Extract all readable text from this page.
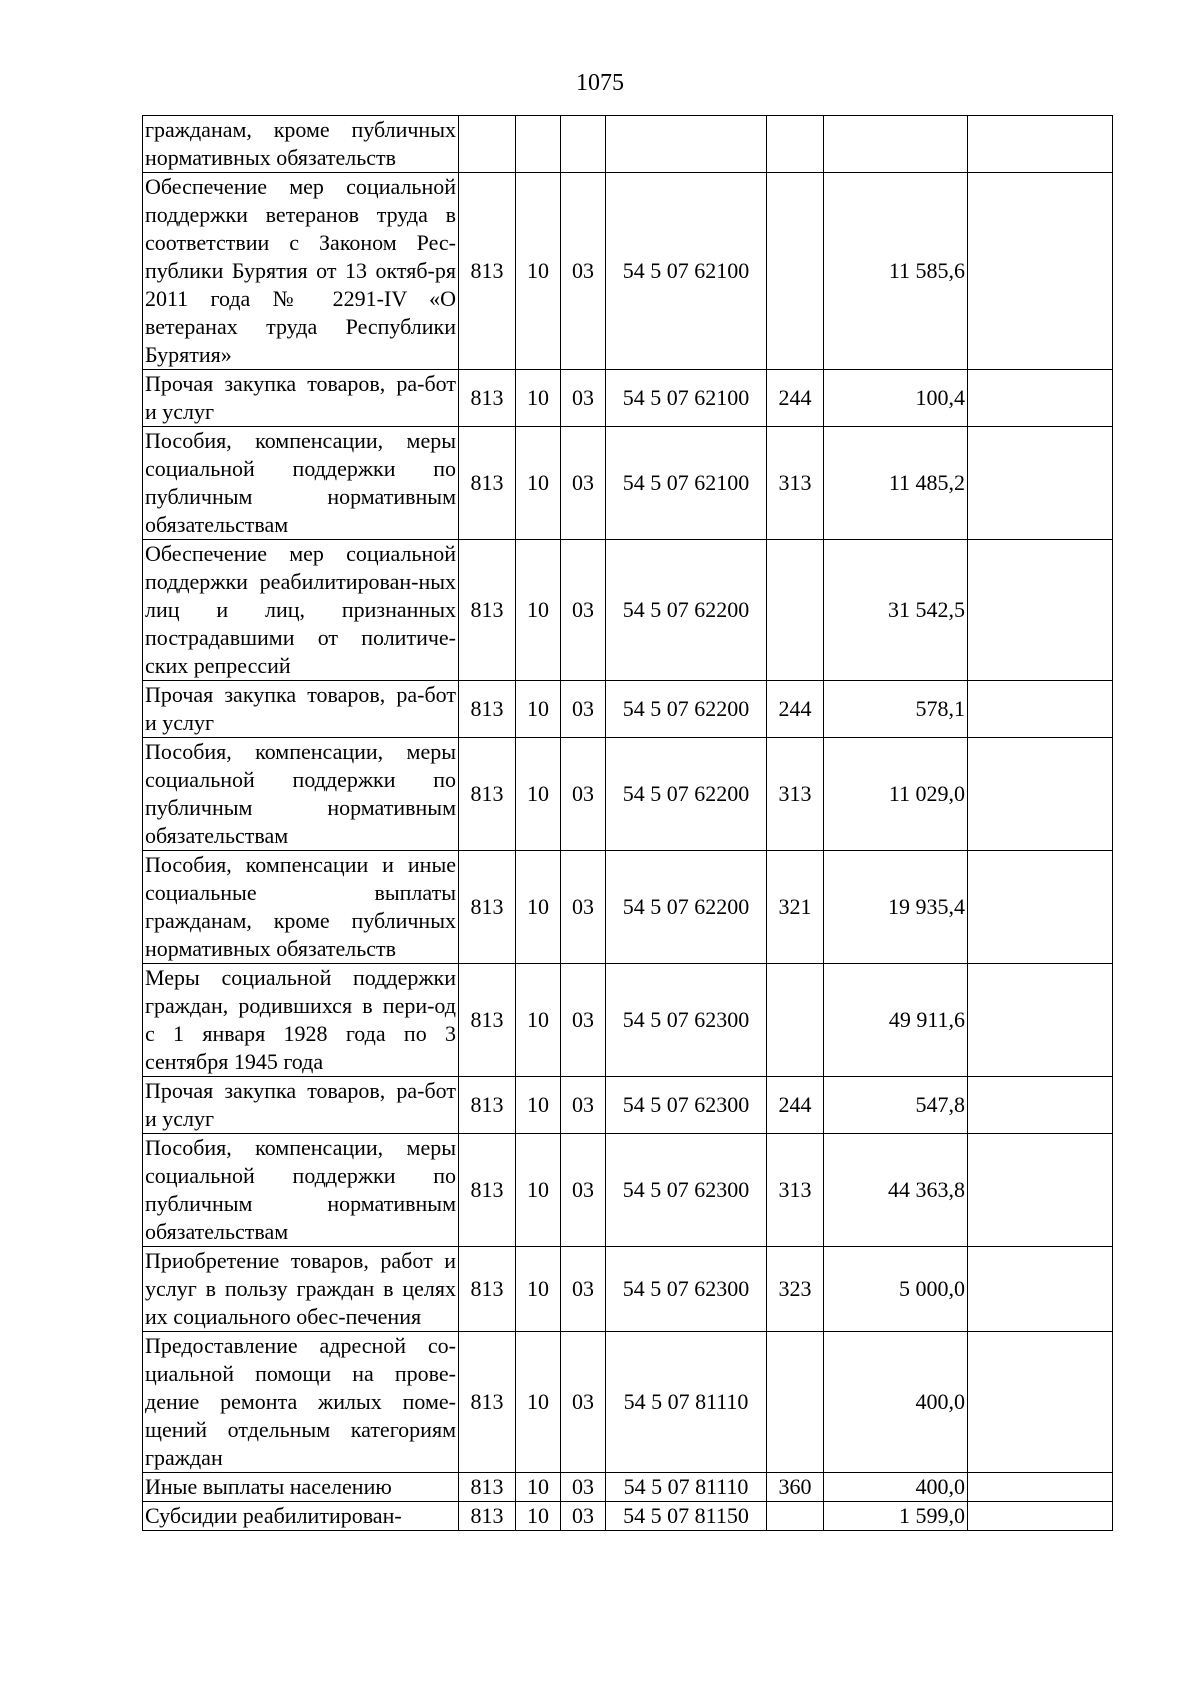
1075
гражданам, кроме публичных нормативных обязательств							
Обеспечение мер социальной поддержки ветеранов труда в соответствии с Законом Рес-публики Бурятия от 13 октяб-ря 2011 года № 2291-IV «О ветеранах труда Республики Бурятия»	813	10	03	54 5 07 62100		11 585,6	
Прочая закупка товаров, ра-бот и услуг	813	10	03	54 5 07 62100	244	100,4	
Пособия, компенсации, меры социальной поддержки по публичным нормативным обязательствам	813	10	03	54 5 07 62100	313	11 485,2	
Обеспечение мер социальной поддержки реабилитирован-ных лиц и лиц, признанных пострадавшими от политиче-ских репрессий	813	10	03	54 5 07 62200		31 542,5	
Прочая закупка товаров, ра-бот и услуг	813	10	03	54 5 07 62200	244	578,1	
Пособия, компенсации, меры социальной поддержки по публичным нормативным обязательствам	813	10	03	54 5 07 62200	313	11 029,0	
Пособия, компенсации и иные социальные выплаты гражданам, кроме публичных нормативных обязательств	813	10	03	54 5 07 62200	321	19 935,4	
Меры социальной поддержки граждан, родившихся в пери-од с 1 января 1928 года по 3 сентября 1945 года	813	10	03	54 5 07 62300		49 911,6	
Прочая закупка товаров, ра-бот и услуг	813	10	03	54 5 07 62300	244	547,8	
Пособия, компенсации, меры социальной поддержки по публичным нормативным обязательствам	813	10	03	54 5 07 62300	313	44 363,8	
Приобретение товаров, работ и услуг в пользу граждан в целях их социального обес-печения	813	10	03	54 5 07 62300	323	5 000,0	
Предоставление адресной со-циальной помощи на прове-дение ремонта жилых поме-щений отдельным категориям граждан	813	10	03	54 5 07 81110		400,0	
Иные выплаты населению	813	10	03	54 5 07 81110	360	400,0	
Субсидии реабилитирован-	813	10	03	54 5 07 81150		1 599,0	
